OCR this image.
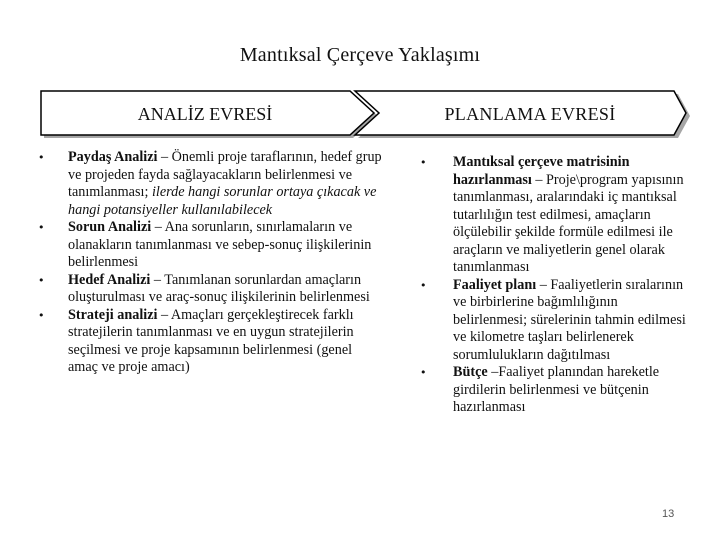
Mantıksal Çerçeve Yaklaşımı
ANALİZ EVRESİ	PLANLAMA EVRESİ
•	Paydaş Analizi – Önemli proje taraflarının, hedef grup ve projeden fayda sağlayacakların belirlenmesi ve tanımlanması; ilerde hangi sorunlar ortaya çıkacak ve hangi potansiyeller kullanılabilecek
•	Sorun Analizi – Ana sorunların, sınırlamaların ve olanakların tanımlanması ve sebep-sonuç ilişkilerinin belirlenmesi
•	Hedef Analizi – Tanımlanan sorunlardan amaçların oluşturulması ve araç-sonuç ilişkilerinin belirlenmesi
•	Strateji analizi – Amaçları gerçekleştirecek farklı stratejilerin tanımlanması ve en uygun stratejilerin seçilmesi ve proje kapsamının belirlenmesi (genel amaç ve proje amacı)
•	Mantıksal çerçeve matrisinin hazırlanması – Proje\program yapısının tanımlanması, aralarındaki iç mantıksal tutarlılığın test edilmesi, amaçların ölçülebilir şekilde formüle edilmesi ile araçların ve maliyetlerin genel olarak tanımlanması
•	Faaliyet planı – Faaliyetlerin sıralarının ve birbirlerine bağımlılığının belirlenmesi; sürelerinin tahmin edilmesi ve kilometre taşları belirlenerek sorumlulukların dağıtılması
•	Bütçe –Faaliyet planından hareketle girdilerin belirlenmesi ve bütçenin hazırlanması
13
